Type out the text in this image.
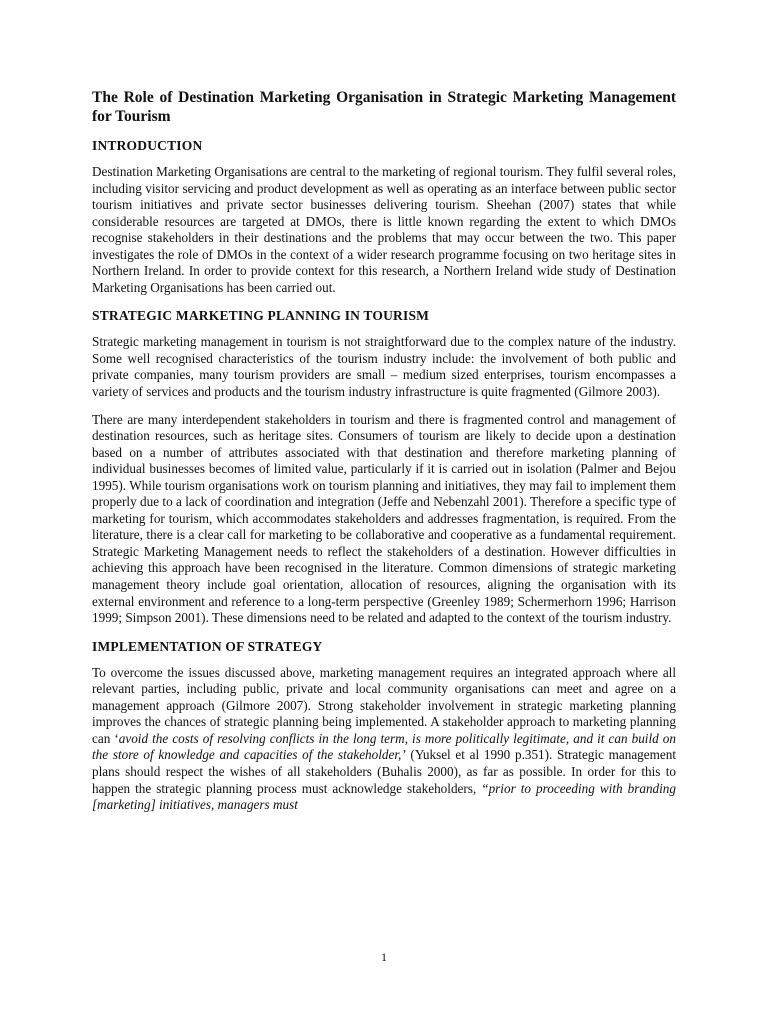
The Role of Destination Marketing Organisation in Strategic Marketing Management for Tourism
INTRODUCTION

Destination Marketing Organisations are central to the marketing of regional tourism. They fulfil several roles, including visitor servicing and product development as well as operating as an interface between public sector tourism initiatives and private sector businesses delivering tourism. Sheehan (2007) states that while considerable resources are targeted at DMOs, there is little known regarding the extent to which DMOs recognise stakeholders in their destinations and the problems that may occur between the two. This paper investigates the role of DMOs in the context of a wider research programme focusing on two heritage sites in Northern Ireland. In order to provide context for this research, a Northern Ireland wide study of Destination Marketing Organisations has been carried out.

STRATEGIC MARKETING PLANNING IN TOURISM

Strategic marketing management in tourism is not straightforward due to the complex nature of the industry. Some well recognised characteristics of the tourism industry include: the involvement of both public and private companies, many tourism providers are small – medium sized enterprises, tourism encompasses a variety of services and products and the tourism industry infrastructure is quite fragmented (Gilmore 2003).

There are many interdependent stakeholders in tourism and there is fragmented control and management of destination resources, such as heritage sites. Consumers of tourism are likely to decide upon a destination based on a number of attributes associated with that destination and therefore marketing planning of individual businesses becomes of limited value, particularly if it is carried out in isolation (Palmer and Bejou 1995). While tourism organisations work on tourism planning and initiatives, they may fail to implement them properly due to a lack of coordination and integration (Jeffe and Nebenzahl 2001). Therefore a specific type of marketing for tourism, which accommodates stakeholders and addresses fragmentation, is required. From the literature, there is a clear call for marketing to be collaborative and cooperative as a fundamental requirement. Strategic Marketing Management needs to reflect the stakeholders of a destination. However difficulties in achieving this approach have been recognised in the literature. Common dimensions of strategic marketing management theory include goal orientation, allocation of resources, aligning the organisation with its external environment and reference to a long-term perspective (Greenley 1989; Schermerhorn 1996; Harrison 1999; Simpson 2001). These dimensions need to be related and adapted to the context of the tourism industry.

IMPLEMENTATION OF STRATEGY

To overcome the issues discussed above, marketing management requires an integrated approach where all relevant parties, including public, private and local community organisations can meet and agree on a management approach (Gilmore 2007). Strong stakeholder involvement in strategic marketing planning improves the chances of strategic planning being implemented. A stakeholder approach to marketing planning can ‘avoid the costs of resolving conflicts in the long term, is more politically legitimate, and it can build on the store of knowledge and capacities of the stakeholder,’ (Yuksel et al 1990 p.351). Strategic management plans should respect the wishes of all stakeholders (Buhalis 2000), as far as possible. In order for this to happen the strategic planning process must acknowledge stakeholders, “prior to proceeding with branding [marketing] initiatives, managers must

1
